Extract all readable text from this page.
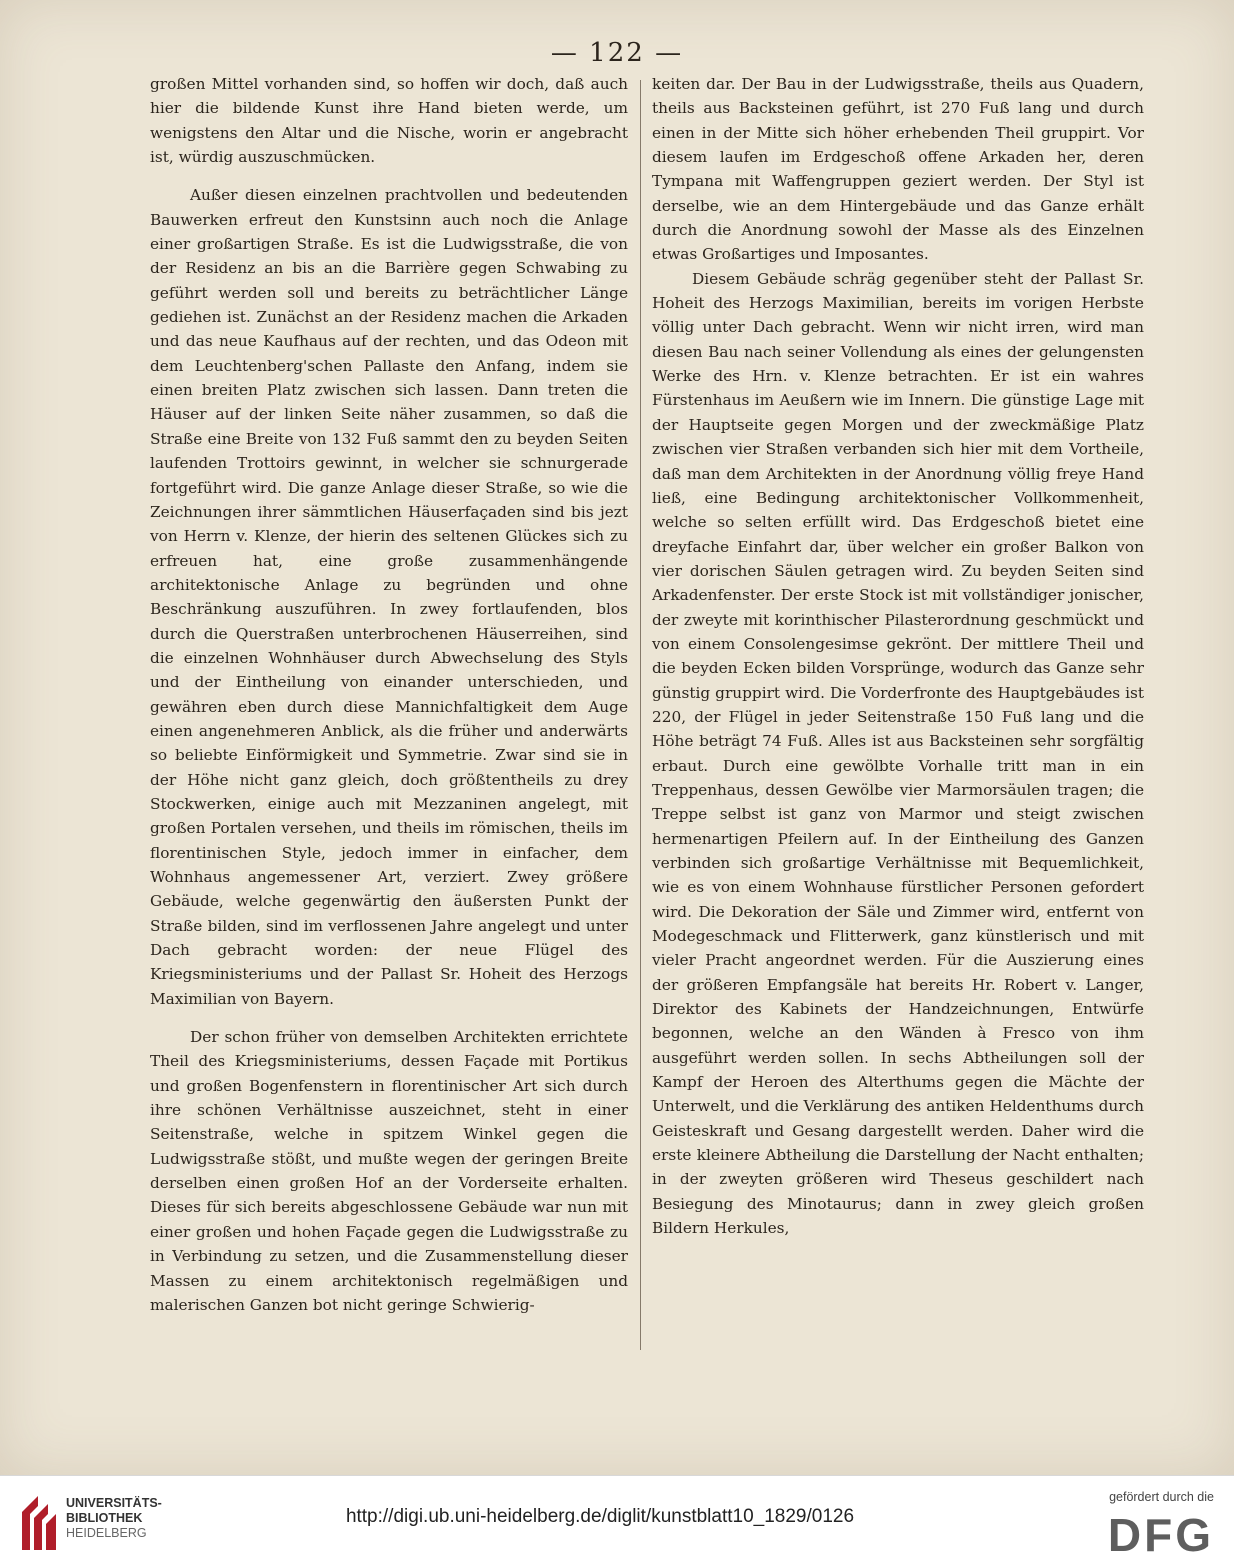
— 122 —

großen Mittel vorhanden sind, so hoffen wir doch, daß auch hier die bildende Kunst ihre Hand bieten werde, um wenigstens den Altar und die Nische, worin er angebracht ist, würdig auszuschmücken.

Außer diesen einzelnen prachtvollen und bedeutenden Bauwerken erfreut den Kunstsinn auch noch die Anlage einer großartigen Straße. Es ist die Ludwigsstraße, die von der Residenz an bis an die Barrière gegen Schwabing zu geführt werden soll und bereits zu beträchtlicher Länge gediehen ist. Zunächst an der Residenz machen die Arkaden und das neue Kaufhaus auf der rechten, und das Odeon mit dem Leuchtenberg'schen Pallaste den Anfang, indem sie einen breiten Platz zwischen sich lassen. Dann treten die Häuser auf der linken Seite näher zusammen, so daß die Straße eine Breite von 132 Fuß sammt den zu beyden Seiten laufenden Trottoirs gewinnt, in welcher sie schnurgerade fortgeführt wird. Die ganze Anlage dieser Straße, so wie die Zeichnungen ihrer sämmtlichen Häuserfaçaden sind bis jezt von Herrn v. Klenze, der hierin des seltenen Glückes sich zu erfreuen hat, eine große zusammenhängende architektonische Anlage zu begründen und ohne Beschränkung auszuführen. In zwey fortlaufenden, blos durch die Querstraßen unterbrochenen Häuserreihen, sind die einzelnen Wohnhäuser durch Abwechselung des Styls und der Eintheilung von einander unterschieden, und gewähren eben durch diese Mannichfaltigkeit dem Auge einen angenehmeren Anblick, als die früher und anderwärts so beliebte Einförmigkeit und Symmetrie. Zwar sind sie in der Höhe nicht ganz gleich, doch größtentheils zu drey Stockwerken, einige auch mit Mezzaninen angelegt, mit großen Portalen versehen, und theils im römischen, theils im florentinischen Style, jedoch immer in einfacher, dem Wohnhaus angemessener Art, verziert. Zwey größere Gebäude, welche gegenwärtig den äußersten Punkt der Straße bilden, sind im verflossenen Jahre angelegt und unter Dach gebracht worden: der neue Flügel des Kriegsministeriums und der Pallast Sr. Hoheit des Herzogs Maximilian von Bayern.

Der schon früher von demselben Architekten errichtete Theil des Kriegsministeriums, dessen Façade mit Portikus und großen Bogenfenstern in florentinischer Art sich durch ihre schönen Verhältnisse auszeichnet, steht in einer Seitenstraße, welche in spitzem Winkel gegen die Ludwigsstraße stößt, und mußte wegen der geringen Breite derselben einen großen Hof an der Vorderseite erhalten. Dieses für sich bereits abgeschlossene Gebäude war nun mit einer großen und hohen Façade gegen die Ludwigsstraße zu in Verbindung zu setzen, und die Zusammenstellung dieser Massen zu einem architektonisch regelmäßigen und malerischen Ganzen bot nicht geringe Schwierig-

keiten dar. Der Bau in der Ludwigsstraße, theils aus Quadern, theils aus Backsteinen geführt, ist 270 Fuß lang und durch einen in der Mitte sich höher erhebenden Theil gruppirt. Vor diesem laufen im Erdgeschoß offene Arkaden her, deren Tympana mit Waffengruppen geziert werden. Der Styl ist derselbe, wie an dem Hintergebäude und das Ganze erhält durch die Anordnung sowohl der Masse als des Einzelnen etwas Großartiges und Imposantes.

Diesem Gebäude schräg gegenüber steht der Pallast Sr. Hoheit des Herzogs Maximilian, bereits im vorigen Herbste völlig unter Dach gebracht. Wenn wir nicht irren, wird man diesen Bau nach seiner Vollendung als eines der gelungensten Werke des Hrn. v. Klenze betrachten. Er ist ein wahres Fürstenhaus im Aeußern wie im Innern. Die günstige Lage mit der Hauptseite gegen Morgen und der zweckmäßige Platz zwischen vier Straßen verbanden sich hier mit dem Vortheile, daß man dem Architekten in der Anordnung völlig freye Hand ließ, eine Bedingung architektonischer Vollkommenheit, welche so selten erfüllt wird. Das Erdgeschoß bietet eine dreyfache Einfahrt dar, über welcher ein großer Balkon von vier dorischen Säulen getragen wird. Zu beyden Seiten sind Arkadenfenster. Der erste Stock ist mit vollständiger jonischer, der zweyte mit korinthischer Pilasterordnung geschmückt und von einem Consolengesimse gekrönt. Der mittlere Theil und die beyden Ecken bilden Vorsprünge, wodurch das Ganze sehr günstig gruppirt wird. Die Vorderfronte des Hauptgebäudes ist 220, der Flügel in jeder Seitenstraße 150 Fuß lang und die Höhe beträgt 74 Fuß. Alles ist aus Backsteinen sehr sorgfältig erbaut. Durch eine gewölbte Vorhalle tritt man in ein Treppenhaus, dessen Gewölbe vier Marmorsäulen tragen; die Treppe selbst ist ganz von Marmor und steigt zwischen hermenartigen Pfeilern auf. In der Eintheilung des Ganzen verbinden sich großartige Verhältnisse mit Bequemlichkeit, wie es von einem Wohnhause fürstlicher Personen gefordert wird. Die Dekoration der Säle und Zimmer wird, entfernt von Modegeschmack und Flitterwerk, ganz künstlerisch und mit vieler Pracht angeordnet werden. Für die Auszierung eines der größeren Empfangsäle hat bereits Hr. Robert v. Langer, Direktor des Kabinets der Handzeichnungen, Entwürfe begonnen, welche an den Wänden à Fresco von ihm ausgeführt werden sollen. In sechs Abtheilungen soll der Kampf der Heroen des Alterthums gegen die Mächte der Unterwelt, und die Verklärung des antiken Heldenthums durch Geisteskraft und Gesang dargestellt werden. Daher wird die erste kleinere Abtheilung die Darstellung der Nacht enthalten; in der zweyten größeren wird Theseus geschildert nach Besiegung des Minotaurus; dann in zwey gleich großen Bildern Herkules,

UNIVERSITÄTS-
BIBLIOTHEK
HEIDELBERG
http://digi.ub.uni-heidelberg.de/diglit/kunstblatt10_1829/0126
gefördert durch die
DFG
